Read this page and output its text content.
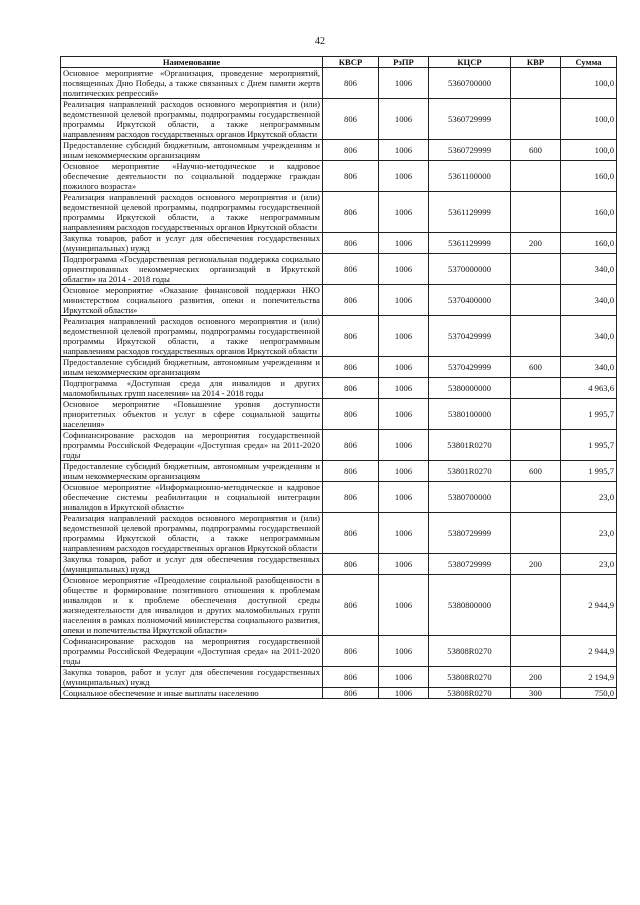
42
Наименование	КВСР	РзПР	КЦСР	КВР	Сумма
Основное мероприятие «Организация, проведение мероприятий, посвященных Дню Победы, а также связанных с Днем памяти жертв политических репрессий»	806	1006	5360700000		100,0
Реализация направлений расходов основного мероприятия и (или) ведомственной целевой программы, подпрограммы государственной программы Иркутской области, а также непрограммным направлениям расходов государственных органов Иркутской области	806	1006	5360729999		100,0
Предоставление субсидий бюджетным, автономным учреждениям и иным некоммерческим организациям	806	1006	5360729999	600	100,0
Основное мероприятие «Научно-методическое и кадровое обеспечение деятельности по социальной поддержке граждан пожилого возраста»	806	1006	5361100000		160,0
Реализация направлений расходов основного мероприятия и (или) ведомственной целевой программы, подпрограммы государственной программы Иркутской области, а также непрограммным направлениям расходов государственных органов Иркутской области	806	1006	5361129999		160,0
Закупка товаров, работ и услуг для обеспечения государственных (муниципальных) нужд	806	1006	5361129999	200	160,0
Подпрограмма «Государственная региональная поддержка социально ориентированных некоммерческих организаций в Иркутской области» на 2014 - 2018 годы	806	1006	5370000000		340,0
Основное мероприятие «Оказание финансовой поддержки НКО министерством социального развития, опеки и попечительства Иркутской области»	806	1006	5370400000		340,0
Реализация направлений расходов основного мероприятия и (или) ведомственной целевой программы, подпрограммы государственной программы Иркутской области, а также непрограммным направлениям расходов государственных органов Иркутской области	806	1006	5370429999		340,0
Предоставление субсидий бюджетным, автономным учреждениям и иным некоммерческим организациям	806	1006	5370429999	600	340,0
Подпрограмма «Доступная среда для инвалидов и других маломобильных групп населения» на 2014 - 2018 годы	806	1006	5380000000		4 963,6
Основное мероприятие «Повышение уровня доступности приоритетных объектов и услуг в сфере социальной защиты населения»	806	1006	5380100000		1 995,7
Софинансирование расходов на мероприятия государственной программы Российской Федерации «Доступная среда» на 2011-2020 годы	806	1006	53801R0270		1 995,7
Предоставление субсидий бюджетным, автономным учреждениям и иным некоммерческим организациям	806	1006	53801R0270	600	1 995,7
Основное мероприятие «Информационно-методическое и кадровое обеспечение системы реабилитации и социальной интеграции инвалидов в Иркутской области»	806	1006	5380700000		23,0
Реализация направлений расходов основного мероприятия и (или) ведомственной целевой программы, подпрограммы государственной программы Иркутской области, а также непрограммным направлениям расходов государственных органов Иркутской области	806	1006	5380729999		23,0
Закупка товаров, работ и услуг для обеспечения государственных (муниципальных) нужд	806	1006	5380729999	200	23,0
Основное мероприятие «Преодоление социальной разобщенности в обществе и формирование позитивного отношения к проблемам инвалидов и к проблеме обеспечения доступной среды жизнедеятельности для инвалидов и других маломобильных групп населения в рамках полномочий министерства социального развития, опеки и попечительства Иркутской области»	806	1006	5380800000		2 944,9
Софинансирование расходов на мероприятия государственной программы Российской Федерации «Доступная среда» на 2011-2020 годы	806	1006	53808R0270		2 944,9
Закупка товаров, работ и услуг для обеспечения государственных (муниципальных) нужд	806	1006	53808R0270	200	2 194,9
Социальное обеспечение и иные выплаты населению	806	1006	53808R0270	300	750,0
